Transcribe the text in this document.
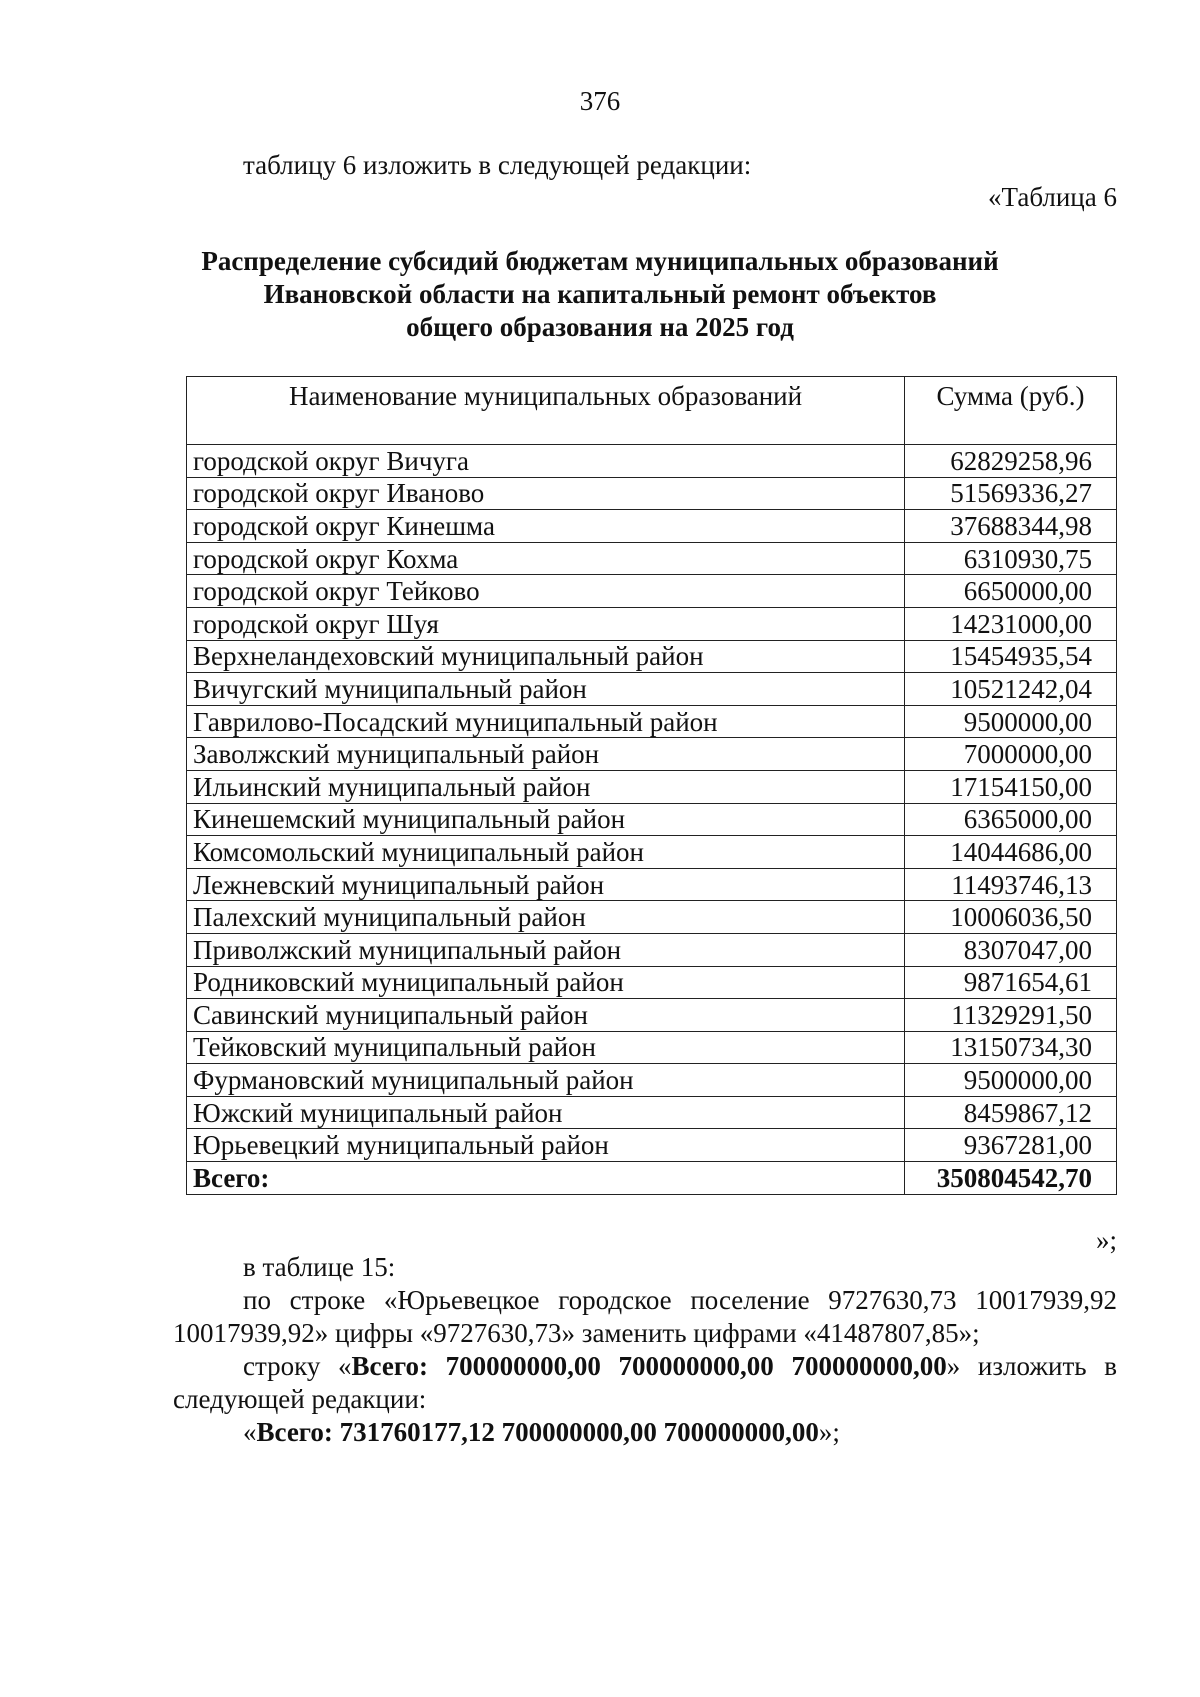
376
таблицу 6 изложить в следующей редакции:
«Таблица 6
Распределение субсидий бюджетам муниципальных образований
Ивановской области на капитальный ремонт объектов
общего образования на 2025 год
Наименование муниципальных образований	Сумма (руб.)
городской округ Вичуга	62829258,96
городской округ Иваново	51569336,27
городской округ Кинешма	37688344,98
городской округ Кохма	6310930,75
городской округ Тейково	6650000,00
городской округ Шуя	14231000,00
Верхнеландеховский муниципальный район	15454935,54
Вичугский муниципальный район	10521242,04
Гаврилово-Посадский муниципальный район	9500000,00
Заволжский муниципальный район	7000000,00
Ильинский муниципальный район	17154150,00
Кинешемский муниципальный район	6365000,00
Комсомольский муниципальный район	14044686,00
Лежневский муниципальный район	11493746,13
Палехский муниципальный район	10006036,50
Приволжский муниципальный район	8307047,00
Родниковский муниципальный район	9871654,61
Савинский муниципальный район	11329291,50
Тейковский муниципальный район	13150734,30
Фурмановский муниципальный район	9500000,00
Южский муниципальный район	8459867,12
Юрьевецкий муниципальный район	9367281,00
Всего:	350804542,70
»;
в таблице 15:
по строке «Юрьевецкое городское поселение 9727630,73 10017939,92 10017939,92» цифры «9727630,73» заменить цифрами «41487807,85»;
строку «Всего: 700000000,00 700000000,00 700000000,00» изложить в следующей редакции:
«Всего: 731760177,12 700000000,00 700000000,00»;
